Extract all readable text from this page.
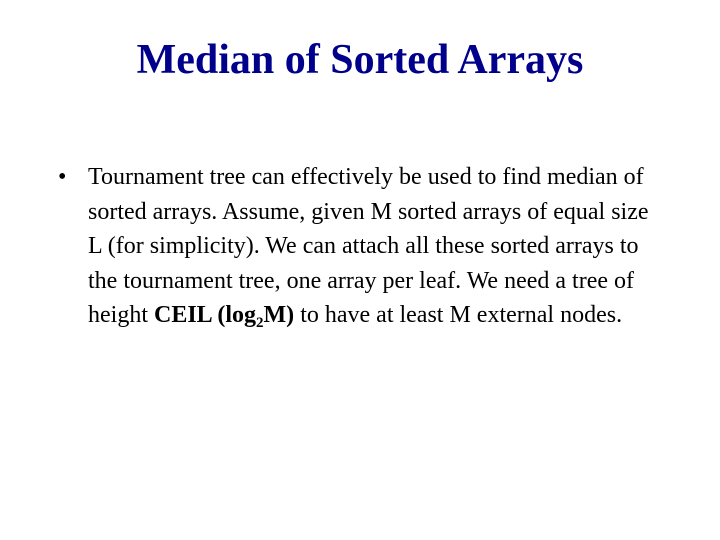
Median of Sorted Arrays
• Tournament tree can effectively be used to find median of sorted arrays. Assume, given M sorted arrays of equal size L (for simplicity). We can attach all these sorted arrays to the tournament tree, one array per leaf. We need a tree of height CEIL $(\log_2M)$ to have at least M external nodes.
